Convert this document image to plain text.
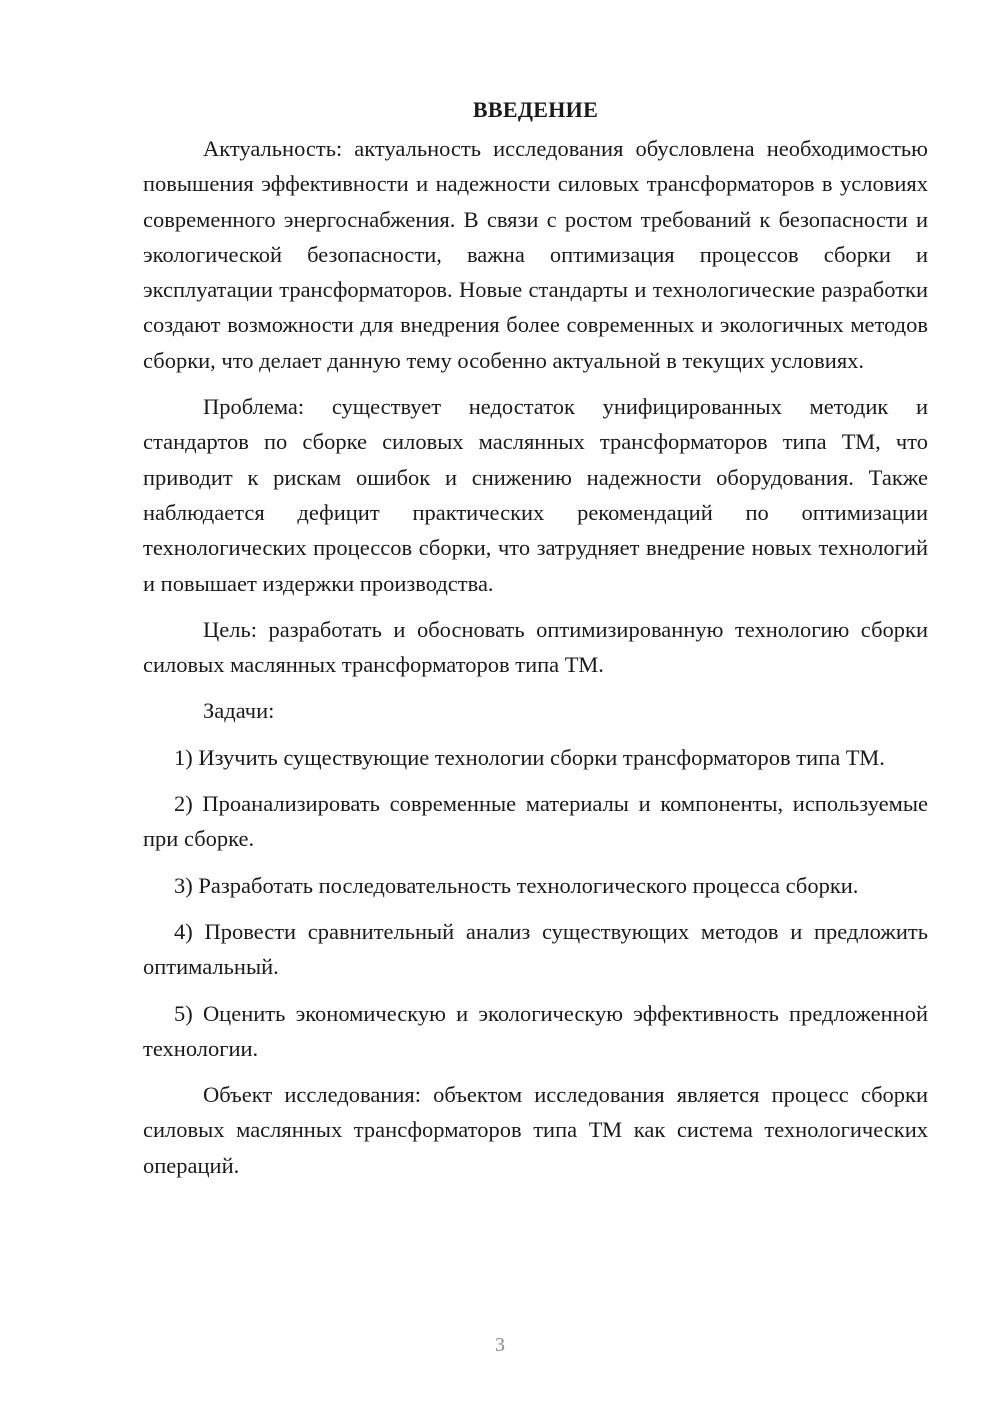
ВВЕДЕНИЕ

Актуальность: актуальность исследования обусловлена необходимостью повышения эффективности и надежности силовых трансформаторов в условиях современного энергоснабжения. В связи с ростом требований к безопасности и экологической безопасности, важна оптимизация процессов сборки и эксплуатации трансформаторов. Новые стандарты и технологические разработки создают возможности для внедрения более современных и экологичных методов сборки, что делает данную тему особенно актуальной в текущих условиях.

Проблема: существует недостаток унифицированных методик и стандартов по сборке силовых маслянных трансформаторов типа ТМ, что приводит к рискам ошибок и снижению надежности оборудования. Также наблюдается дефицит практических рекомендаций по оптимизации технологических процессов сборки, что затрудняет внедрение новых технологий и повышает издержки производства.

Цель: разработать и обосновать оптимизированную технологию сборки силовых маслянных трансформаторов типа ТМ.

Задачи:

1) Изучить существующие технологии сборки трансформаторов типа ТМ.

2) Проанализировать современные материалы и компоненты, используемые при сборке.

3) Разработать последовательность технологического процесса сборки.

4) Провести сравнительный анализ существующих методов и предложить оптимальный.

5) Оценить экономическую и экологическую эффективность предложенной технологии.

Объект исследования: объектом исследования является процесс сборки силовых маслянных трансформаторов типа ТМ как система технологических операций.

3
